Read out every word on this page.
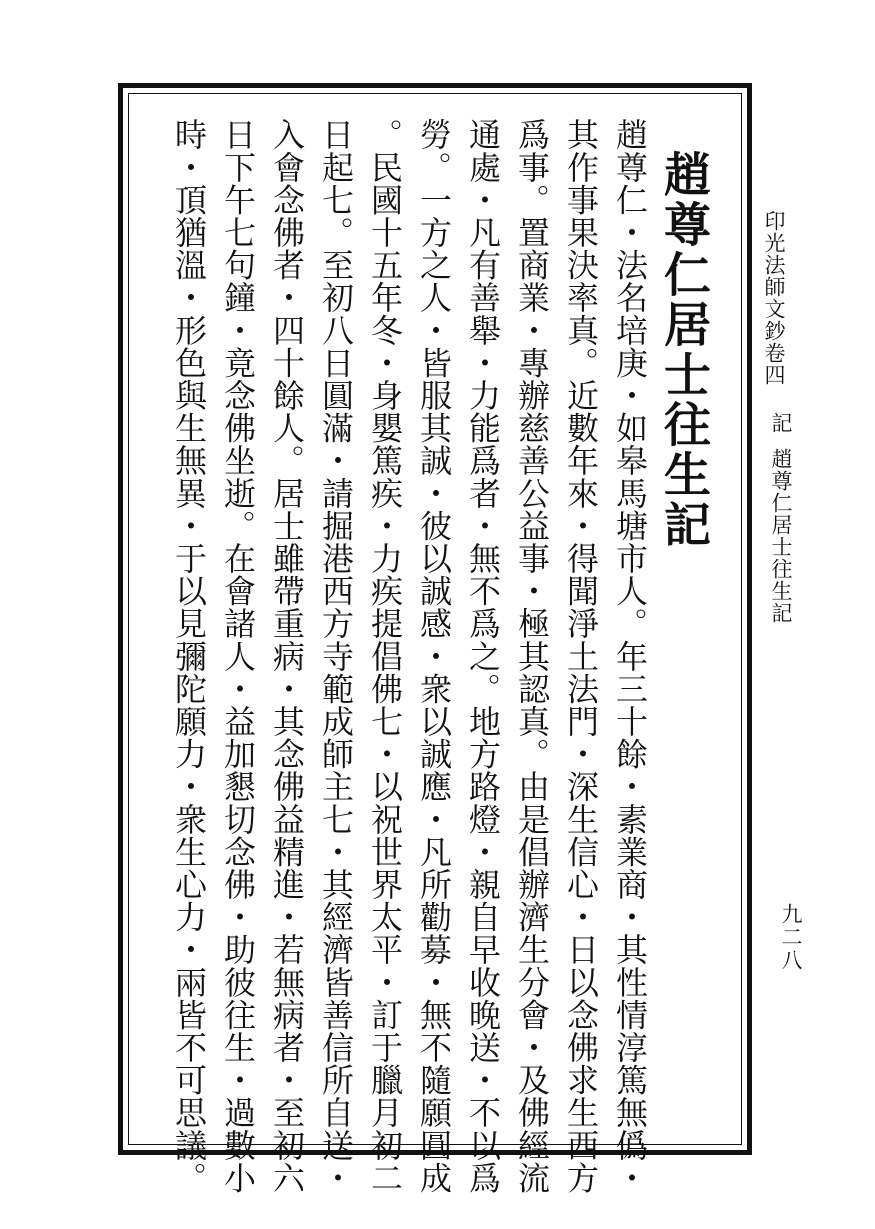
印光法師文鈔卷四
記
趙尊仁居士往生記
九二八
趙尊仁居士往生記
趙尊仁・法名培庚・如皋馬塘市人。年三十餘・素業商・其性情淳篤無僞・
其作事果決率真。近數年來・得聞淨土法門・深生信心・日以念佛求生西方
爲事。置商業・專辦慈善公益事・極其認真。由是倡辦濟生分會・及佛經流
通處・凡有善舉・力能爲者・無不爲之。地方路燈・親自早收晚送・不以爲
勞。一方之人・皆服其誠・彼以誠感・衆以誠應・凡所勸募・無不隨願圓成
。民國十五年冬・身嬰篤疾・力疾提倡佛七・以祝世界太平・訂于臘月初二
日起七。至初八日圓滿・請掘港西方寺範成師主七・其經濟皆善信所自送・
入會念佛者・四十餘人。居士雖帶重病・其念佛益精進・若無病者・至初六
日下午七句鐘・竟念佛坐逝。在會諸人・益加懇切念佛・助彼往生・過數小
時・頂猶溫・形色與生無異・于以見彌陀願力・衆生心力・兩皆不可思議。
